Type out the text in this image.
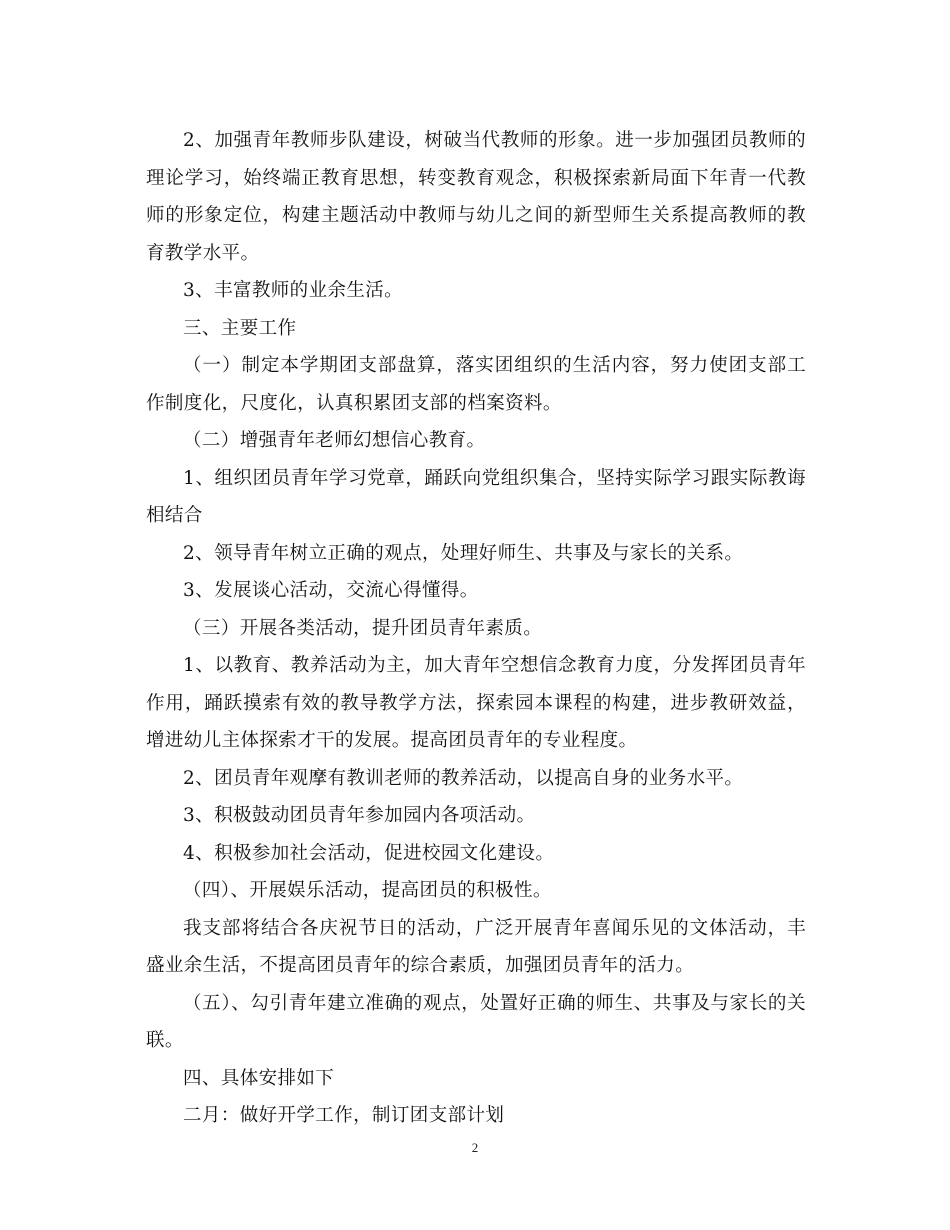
2、加强青年教师步队建设，树破当代教师的形象。进一步加强团员教师的理论学习，始终端正教育思想，转变教育观念，积极探索新局面下年青一代教师的形象定位，构建主题活动中教师与幼儿之间的新型师生关系提高教师的教育教学水平。

3、丰富教师的业余生活。

三、主要工作

（一）制定本学期团支部盘算，落实团组织的生活内容，努力使团支部工作制度化，尺度化，认真积累团支部的档案资料。

（二）增强青年老师幻想信心教育。

1、组织团员青年学习党章，踊跃向党组织集合，坚持实际学习跟实际教诲相结合

2、领导青年树立正确的观点，处理好师生、共事及与家长的关系。

3、发展谈心活动，交流心得懂得。

（三）开展各类活动，提升团员青年素质。

1、以教育、教养活动为主，加大青年空想信念教育力度，分发挥团员青年作用，踊跃摸索有效的教导教学方法，探索园本课程的构建，进步教研效益，增进幼儿主体探索才干的发展。提高团员青年的专业程度。

2、团员青年观摩有教训老师的教养活动，以提高自身的业务水平。

3、积极鼓动团员青年参加园内各项活动。

4、积极参加社会活动，促进校园文化建设。

（四）、开展娱乐活动，提高团员的积极性。

我支部将结合各庆祝节日的活动，广泛开展青年喜闻乐见的文体活动，丰盛业余生活，不提高团员青年的综合素质，加强团员青年的活力。

（五）、勾引青年建立准确的观点，处置好正确的师生、共事及与家长的关联。

四、具体安排如下

二月：做好开学工作，制订团支部计划

2
